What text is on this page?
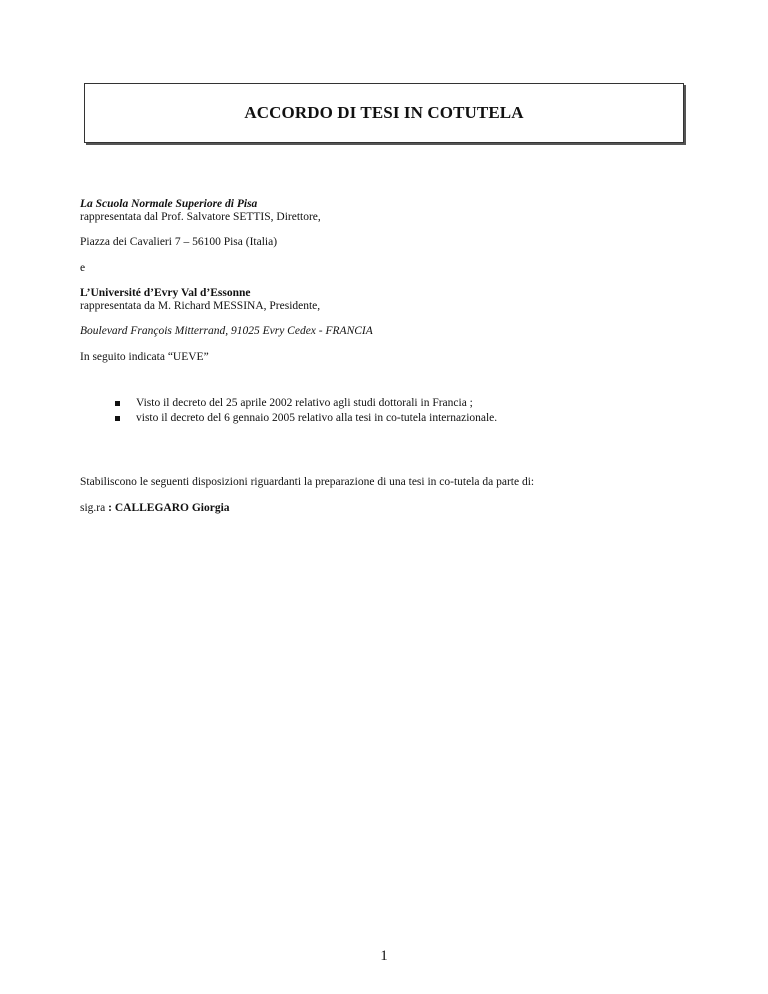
ACCORDO DI TESI IN COTUTELA
La Scuola Normale Superiore di Pisa
rappresentata dal Prof. Salvatore SETTIS, Direttore,
Piazza dei Cavalieri 7 – 56100 Pisa (Italia)
e
L’Université d’Evry Val d’Essonne
rappresentata da M. Richard MESSINA, Presidente,
Boulevard François Mitterrand, 91025 Evry Cedex - FRANCIA
In seguito indicata “UEVE”
Visto il decreto del 25 aprile 2002 relativo agli studi dottorali in Francia ;
visto il decreto del 6 gennaio 2005 relativo alla tesi in co-tutela internazionale.
Stabiliscono le seguenti disposizioni riguardanti la preparazione di una tesi in co-tutela da parte di:
sig.ra : CALLEGARO Giorgia
1
